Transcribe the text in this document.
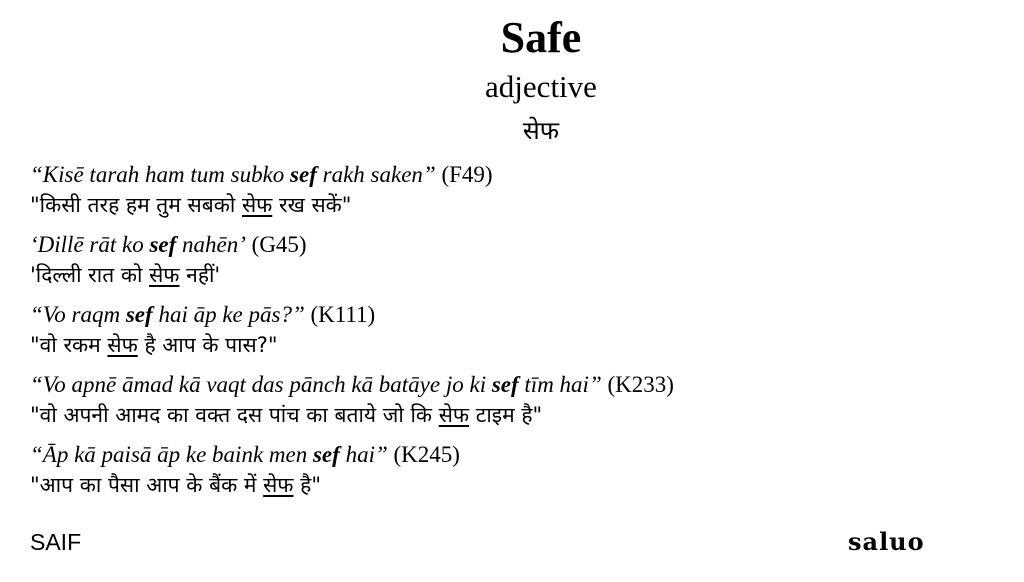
Safe
adjective
सेफ
“Kisē tarah ham tum subko sef rakh saken” (F49)
"किसी तरह हम तुम सबको सेफ रख सकें"
‘Dillē rāt ko sef nahēn’ (G45)
'दिल्ली रात को सेफ नहीं'
“Vo raqm sef hai āp ke pās?” (K111)
"वो रकम सेफ है आप के पास?"
“Vo apnē āmad kā vaqt das pānch kā batāye jo ki sef tīm hai” (K233)
"वो अपनी आमद का वक्त दस पांच का बताये जो कि सेफ टाइम है"
“Āp kā paisā āp ke baink men sef hai” (K245)
"आप का पैसा आप के बैंक में सेफ है"
SAIF	saluo
